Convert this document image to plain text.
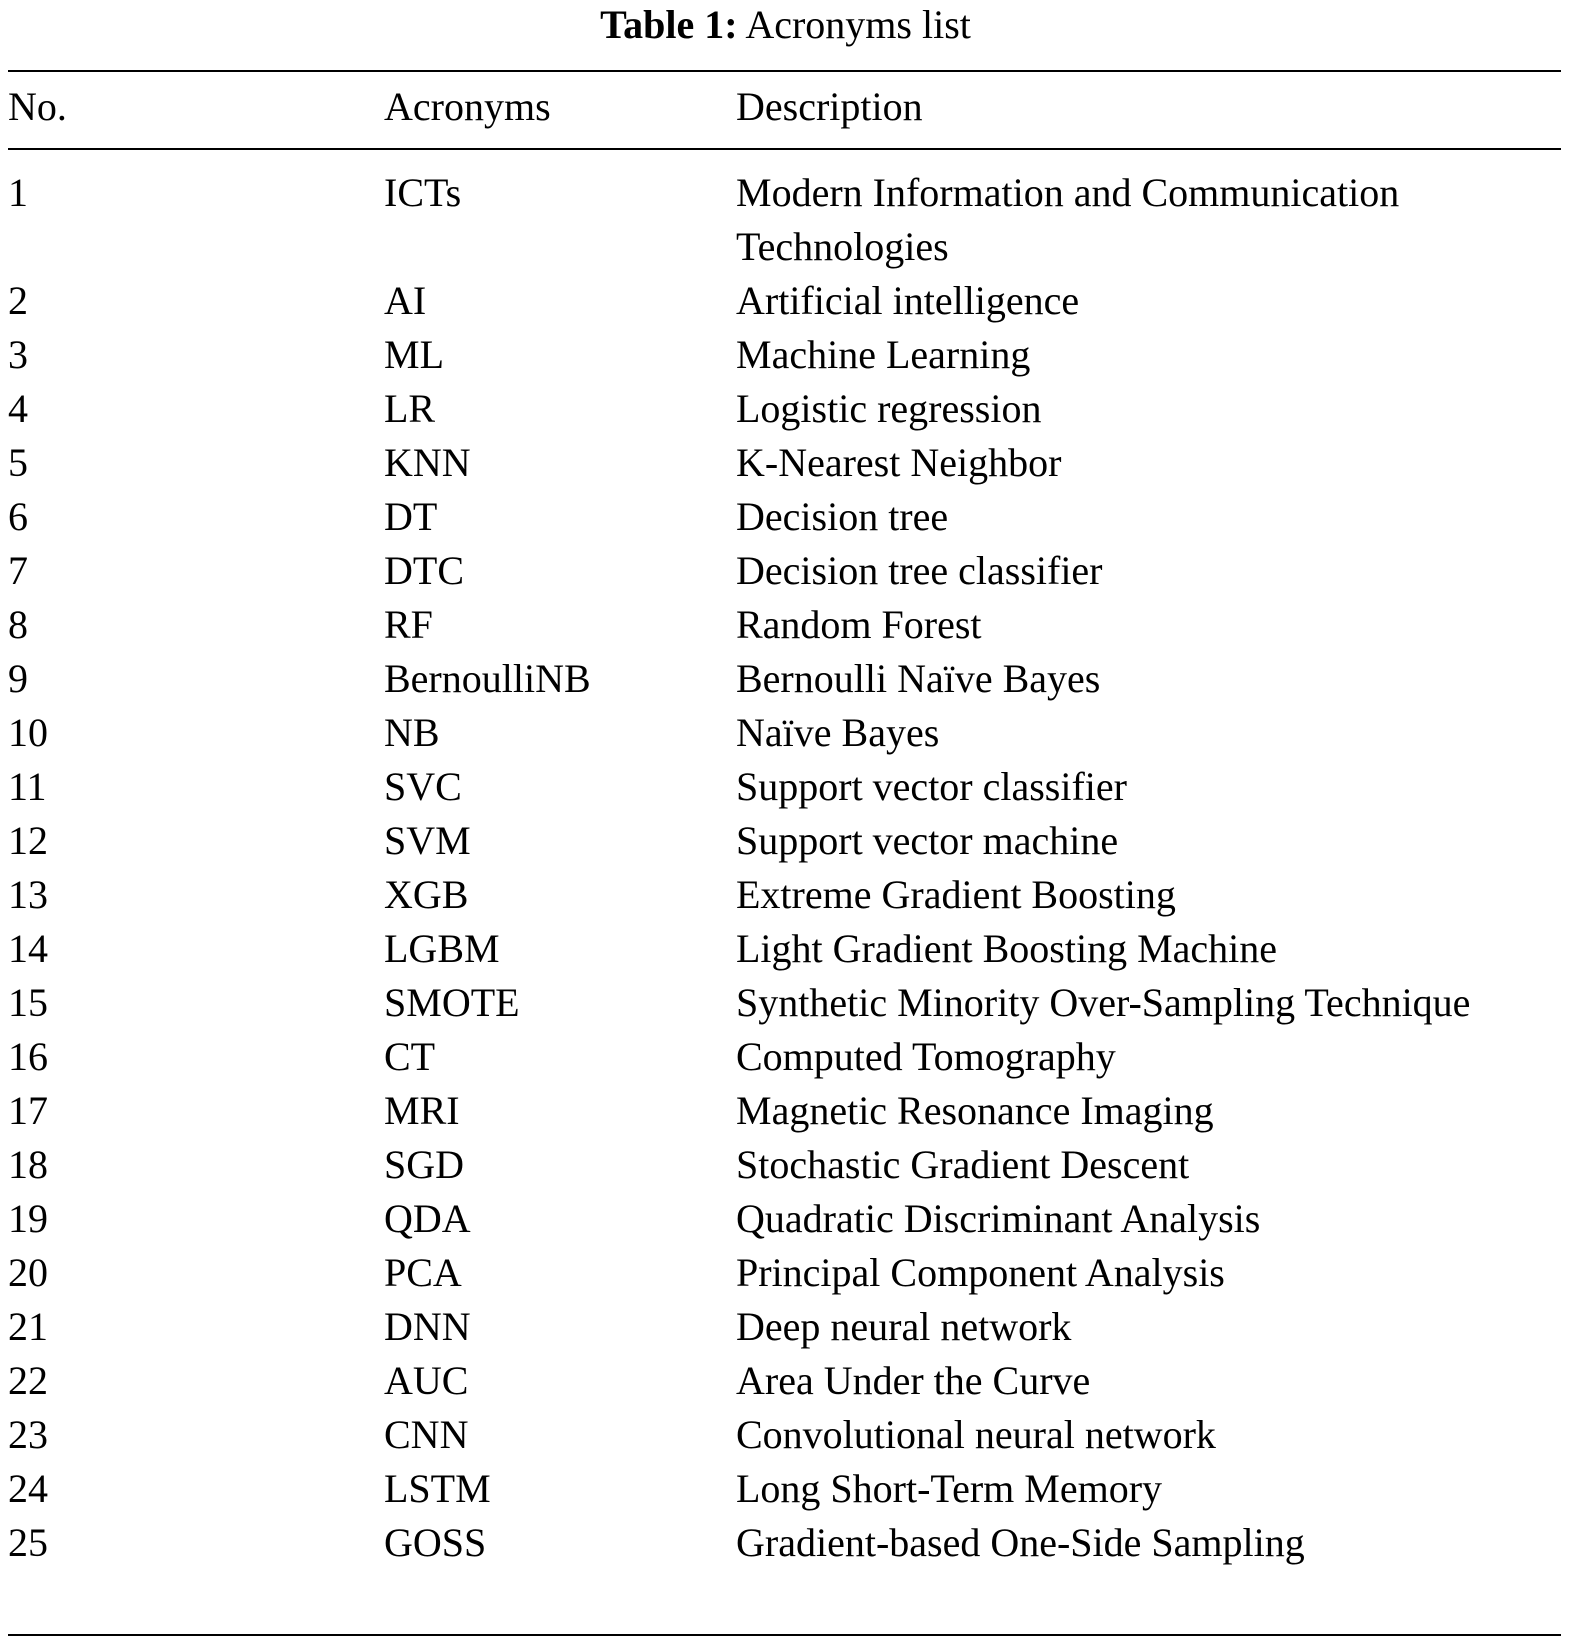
Table 1: Acronyms list
No.	Acronyms	Description
1	ICTs	Modern Information and Communication Technologies
2	AI	Artificial intelligence
3	ML	Machine Learning
4	LR	Logistic regression
5	KNN	K-Nearest Neighbor
6	DT	Decision tree
7	DTC	Decision tree classifier
8	RF	Random Forest
9	BernoulliNB	Bernoulli Naïve Bayes
10	NB	Naïve Bayes
11	SVC	Support vector classifier
12	SVM	Support vector machine
13	XGB	Extreme Gradient Boosting
14	LGBM	Light Gradient Boosting Machine
15	SMOTE	Synthetic Minority Over-Sampling Technique
16	CT	Computed Tomography
17	MRI	Magnetic Resonance Imaging
18	SGD	Stochastic Gradient Descent
19	QDA	Quadratic Discriminant Analysis
20	PCA	Principal Component Analysis
21	DNN	Deep neural network
22	AUC	Area Under the Curve
23	CNN	Convolutional neural network
24	LSTM	Long Short-Term Memory
25	GOSS	Gradient-based One-Side Sampling
